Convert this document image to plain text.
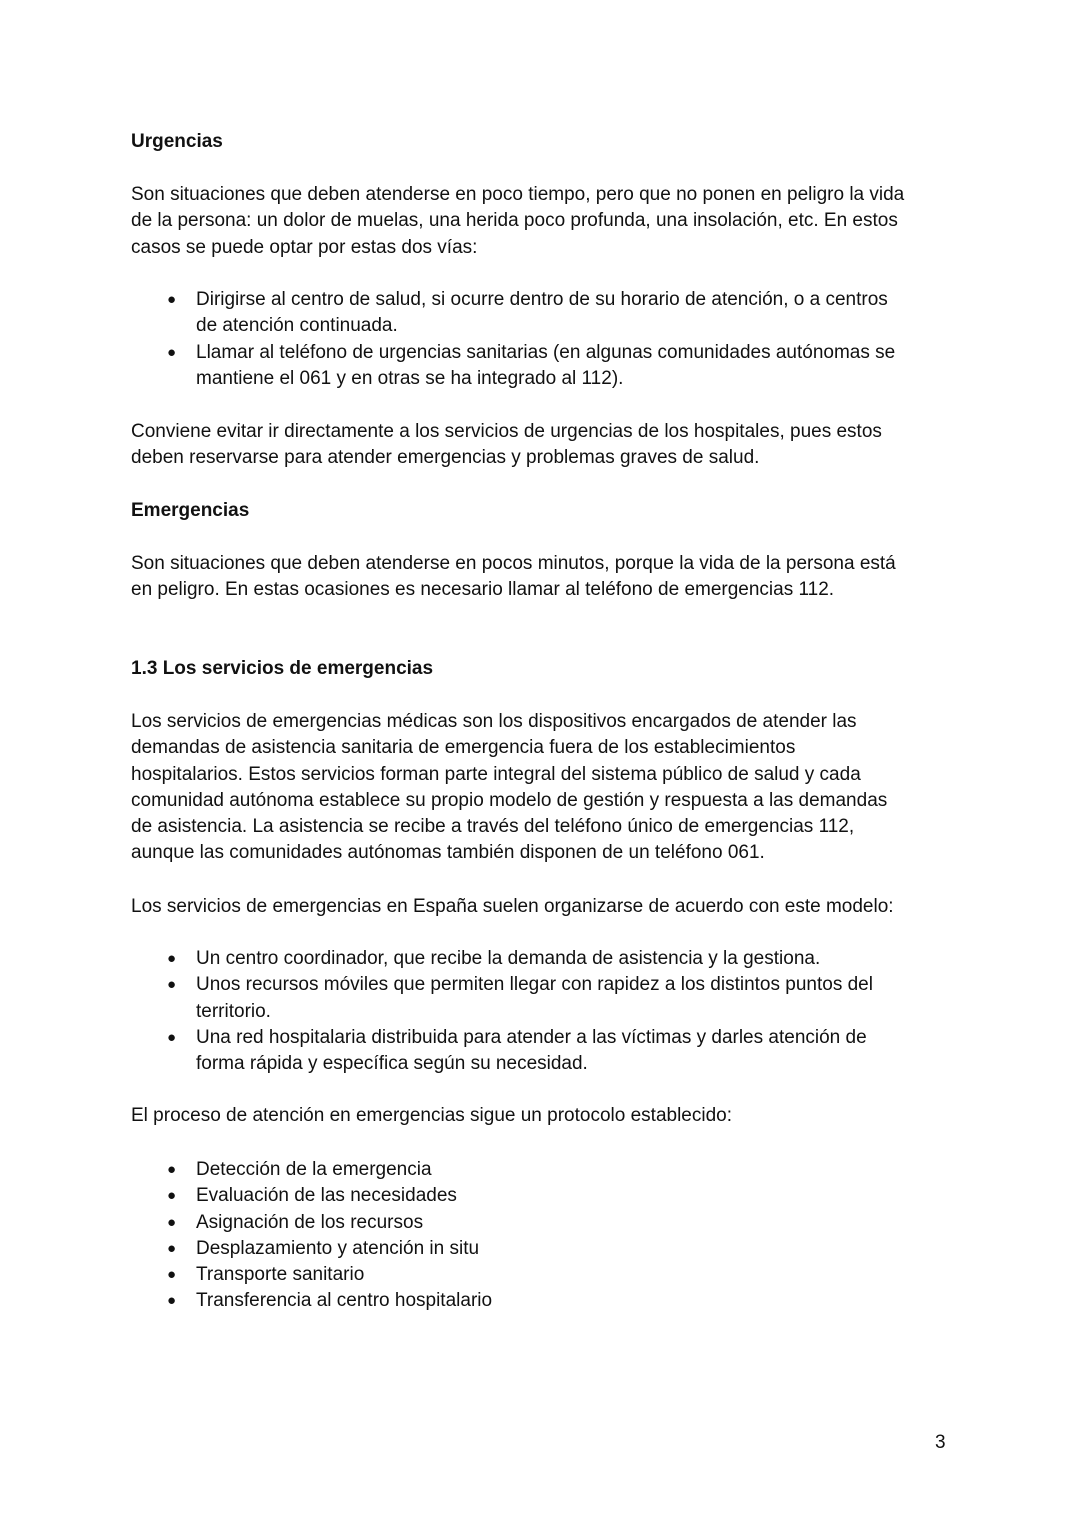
Urgencias
Son situaciones que deben atenderse en poco tiempo, pero que no ponen en peligro la vida
de la persona: un dolor de muelas, una herida poco profunda, una insolación, etc. En estos
casos se puede optar por estas dos vías:
● Dirigirse al centro de salud, si ocurre dentro de su horario de atención, o a centros
de atención continuada.
● Llamar al teléfono de urgencias sanitarias (en algunas comunidades autónomas se
mantiene el 061 y en otras se ha integrado al 112).
Conviene evitar ir directamente a los servicios de urgencias de los hospitales, pues estos
deben reservarse para atender emergencias y problemas graves de salud.
Emergencias
Son situaciones que deben atenderse en pocos minutos, porque la vida de la persona está
en peligro. En estas ocasiones es necesario llamar al teléfono de emergencias 112.
1.3 Los servicios de emergencias
Los servicios de emergencias médicas son los dispositivos encargados de atender las
demandas de asistencia sanitaria de emergencia fuera de los establecimientos
hospitalarios. Estos servicios forman parte integral del sistema público de salud y cada
comunidad autónoma establece su propio modelo de gestión y respuesta a las demandas
de asistencia. La asistencia se recibe a través del teléfono único de emergencias 112,
aunque las comunidades autónomas también disponen de un teléfono 061.
Los servicios de emergencias en España suelen organizarse de acuerdo con este modelo:
● Un centro coordinador, que recibe la demanda de asistencia y la gestiona.
● Unos recursos móviles que permiten llegar con rapidez a los distintos puntos del
territorio.
● Una red hospitalaria distribuida para atender a las víctimas y darles atención de
forma rápida y específica según su necesidad.
El proceso de atención en emergencias sigue un protocolo establecido:
● Detección de la emergencia
● Evaluación de las necesidades
● Asignación de los recursos
● Desplazamiento y atención in situ
● Transporte sanitario
● Transferencia al centro hospitalario
3
